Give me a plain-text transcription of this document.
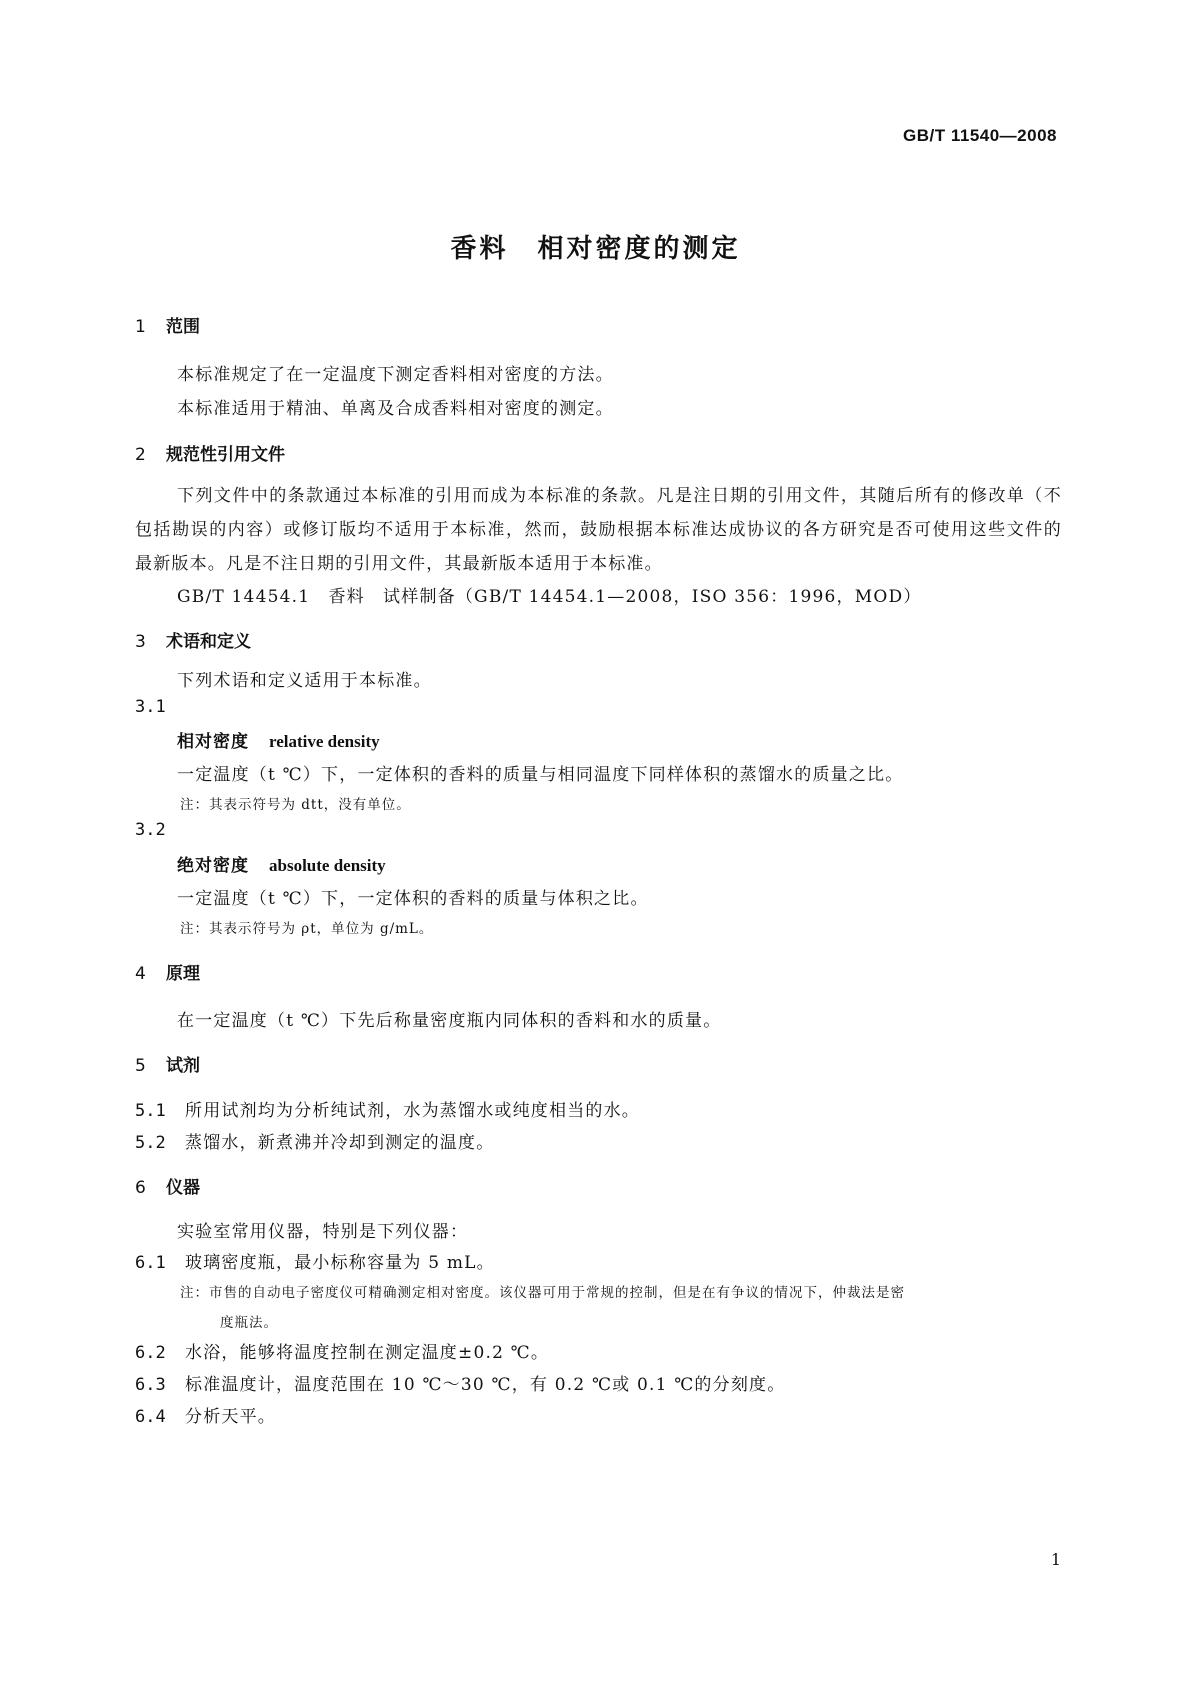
GB/T 11540—2008
香料　相对密度的测定
1 范围
本标准规定了在一定温度下测定香料相对密度的方法。
本标准适用于精油、单离及合成香料相对密度的测定。
2 规范性引用文件
下列文件中的条款通过本标准的引用而成为本标准的条款。凡是注日期的引用文件，其随后所有的修改单（不包括勘误的内容）或修订版均不适用于本标准，然而，鼓励根据本标准达成协议的各方研究是否可使用这些文件的最新版本。凡是不注日期的引用文件，其最新版本适用于本标准。
GB/T 14454.1　香料　试样制备（GB/T 14454.1—2008，ISO 356：1996，MOD）
3 术语和定义
下列术语和定义适用于本标准。
3.1
相对密度 relative density
一定温度（t ℃）下，一定体积的香料的质量与相同温度下同样体积的蒸馏水的质量之比。
注：其表示符号为 dtt，没有单位。
3.2
绝对密度 absolute density
一定温度（t ℃）下，一定体积的香料的质量与体积之比。
注：其表示符号为 ρt，单位为 g/mL。
4 原理
在一定温度（t ℃）下先后称量密度瓶内同体积的香料和水的质量。
5 试剂
5.1 所用试剂均为分析纯试剂，水为蒸馏水或纯度相当的水。
5.2 蒸馏水，新煮沸并冷却到测定的温度。
6 仪器
实验室常用仪器，特别是下列仪器：
6.1 玻璃密度瓶，最小标称容量为 5 mL。
注：市售的自动电子密度仪可精确测定相对密度。该仪器可用于常规的控制，但是在有争议的情况下，仲裁法是密
度瓶法。
6.2 水浴，能够将温度控制在测定温度±0.2 ℃。
6.3 标准温度计，温度范围在 10 ℃～30 ℃，有 0.2 ℃或 0.1 ℃的分刻度。
6.4 分析天平。
1
